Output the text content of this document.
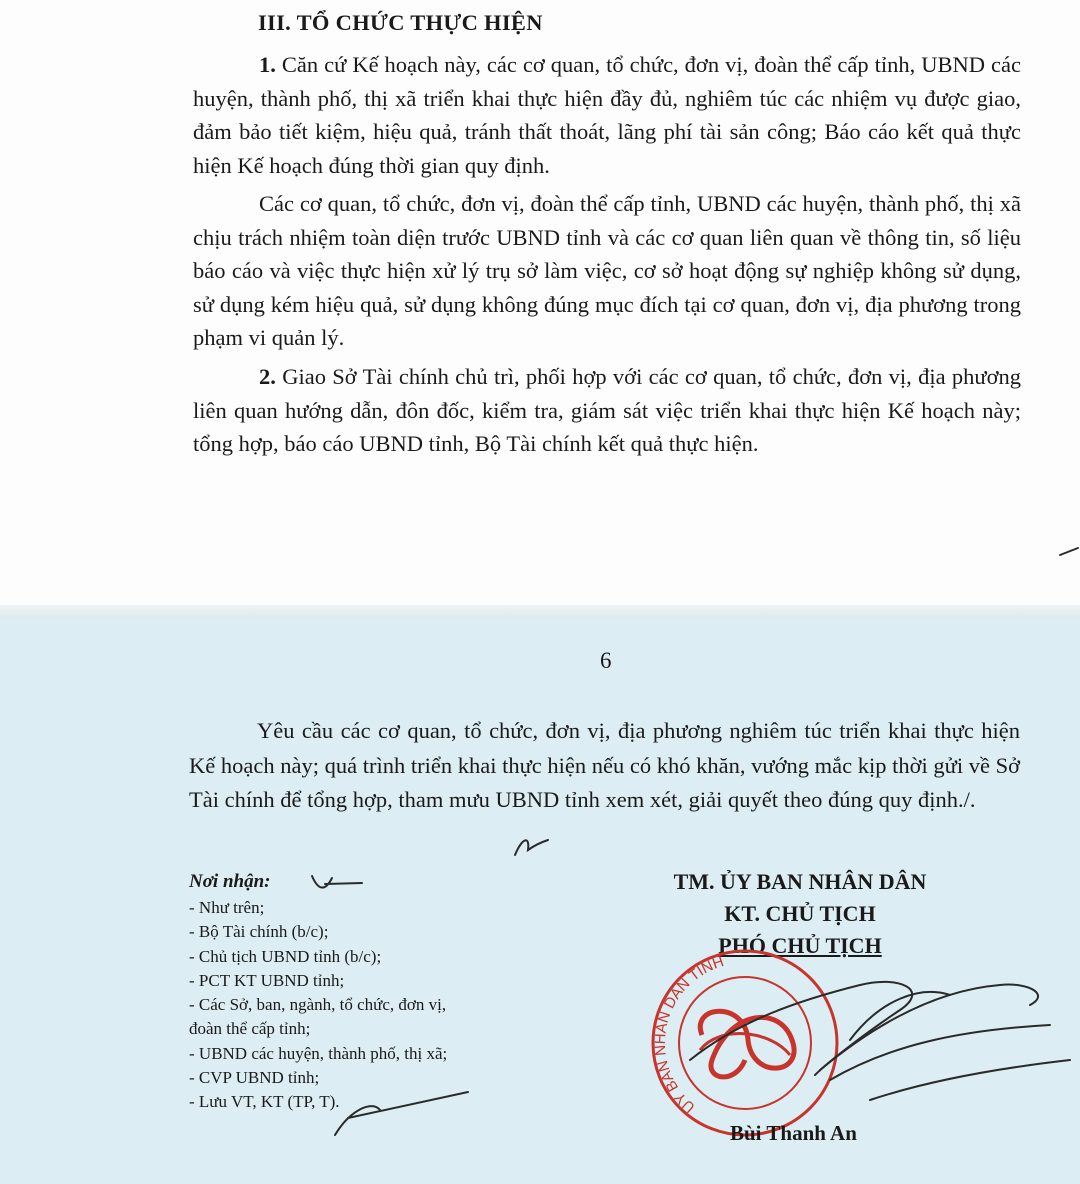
III. TỔ CHỨC THỰC HIỆN

1. Căn cứ Kế hoạch này, các cơ quan, tổ chức, đơn vị, đoàn thể cấp tỉnh, UBND các huyện, thành phố, thị xã triển khai thực hiện đầy đủ, nghiêm túc các nhiệm vụ được giao, đảm bảo tiết kiệm, hiệu quả, tránh thất thoát, lãng phí tài sản công; Báo cáo kết quả thực hiện Kế hoạch đúng thời gian quy định.

Các cơ quan, tổ chức, đơn vị, đoàn thể cấp tỉnh, UBND các huyện, thành phố, thị xã chịu trách nhiệm toàn diện trước UBND tỉnh và các cơ quan liên quan về thông tin, số liệu báo cáo và việc thực hiện xử lý trụ sở làm việc, cơ sở hoạt động sự nghiệp không sử dụng, sử dụng kém hiệu quả, sử dụng không đúng mục đích tại cơ quan, đơn vị, địa phương trong phạm vi quản lý.

2. Giao Sở Tài chính chủ trì, phối hợp với các cơ quan, tổ chức, đơn vị, địa phương liên quan hướng dẫn, đôn đốc, kiểm tra, giám sát việc triển khai thực hiện Kế hoạch này; tổng hợp, báo cáo UBND tỉnh, Bộ Tài chính kết quả thực hiện.

6

Yêu cầu các cơ quan, tổ chức, đơn vị, địa phương nghiêm túc triển khai thực hiện Kế hoạch này; quá trình triển khai thực hiện nếu có khó khăn, vướng mắc kịp thời gửi về Sở Tài chính để tổng hợp, tham mưu UBND tỉnh xem xét, giải quyết theo đúng quy định./.

Nơi nhận:
- Như trên;
- Bộ Tài chính (b/c);
- Chủ tịch UBND tỉnh (b/c);
- PCT KT UBND tỉnh;
- Các Sở, ban, ngành, tổ chức, đơn vị,
đoàn thể cấp tỉnh;
- UBND các huyện, thành phố, thị xã;
- CVP UBND tỉnh;
- Lưu VT, KT (TP, T).
TM. ỦY BAN NHÂN DÂN
KT. CHỦ TỊCH
PHÓ CHỦ TỊCH
UỶ BAN NHÂN DÂN TỈNH
Bùi Thanh An
